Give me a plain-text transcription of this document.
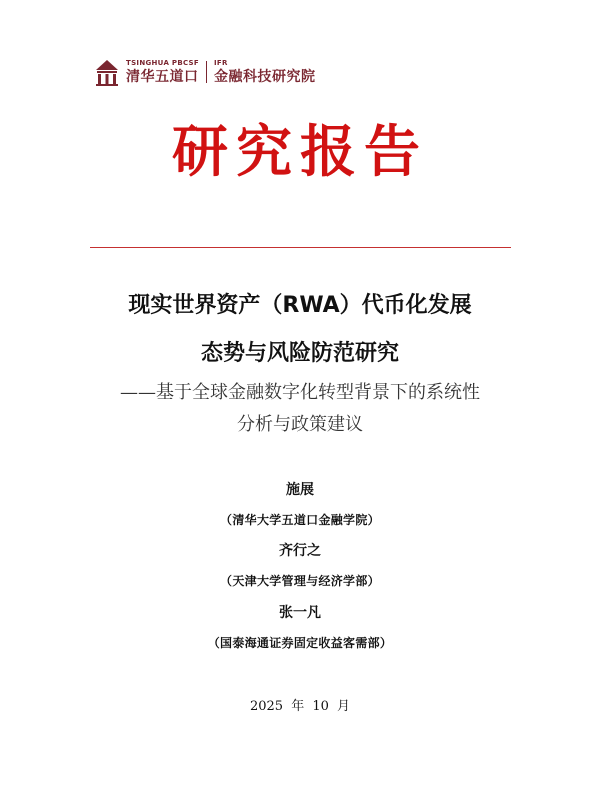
TSINGHUA PBCSF
清华五道口
IFR
金融科技研究院
研究报告
现实世界资产（RWA）代币化发展
态势与风险防范研究
——基于全球金融数字化转型背景下的系统性
分析与政策建议
施展
（清华大学五道口金融学院）
齐行之
（天津大学管理与经济学部）
张一凡
（国泰海通证券固定收益客需部）
2025 年 10 月
